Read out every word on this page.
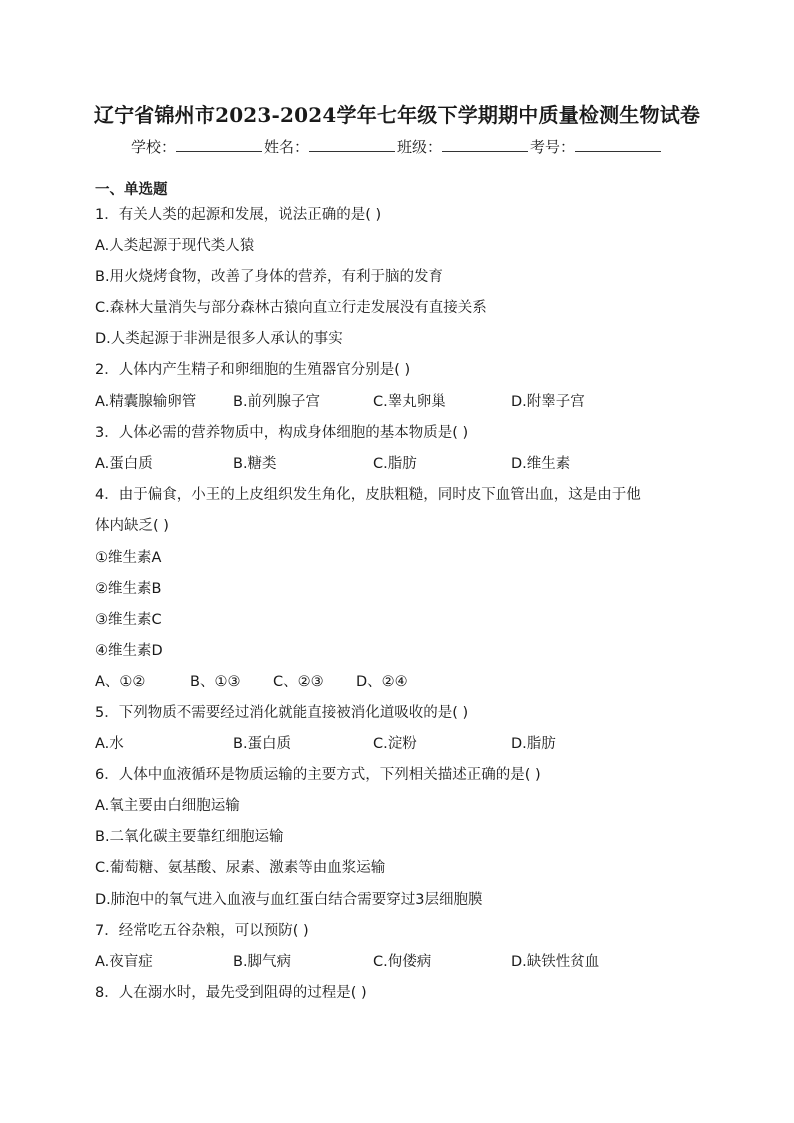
辽宁省锦州市2023-2024学年七年级下学期期中质量检测生物试卷
学校：	姓名：	班级：	考号：
一、单选题
1．有关人类的起源和发展，说法正确的是( )
A.人类起源于现代类人猿
B.用火烧烤食物，改善了身体的营养，有利于脑的发育
C.森林大量消失与部分森林古猿向直立行走发展没有直接关系
D.人类起源于非洲是很多人承认的事实
2．人体内产生精子和卵细胞的生殖器官分别是( )
A.精囊腺输卵管	B.前列腺子宫	C.睾丸卵巢	D.附睾子宫
3．人体必需的营养物质中，构成身体细胞的基本物质是( )
A.蛋白质	B.糖类	C.脂肪	D.维生素
4．由于偏食，小王的上皮组织发生角化，皮肤粗糙，同时皮下血管出血，这是由于他
体内缺乏( )
①维生素A
②维生素B
③维生素C
④维生素D
A、①②	B、①③ C、②③ D、②④
5．下列物质不需要经过消化就能直接被消化道吸收的是( )
A.水	B.蛋白质	C.淀粉	D.脂肪
6．人体中血液循环是物质运输的主要方式，下列相关描述正确的是( )
A.氧主要由白细胞运输
B.二氧化碳主要靠红细胞运输
C.葡萄糖、氨基酸、尿素、激素等由血浆运输
D.肺泡中的氧气进入血液与血红蛋白结合需要穿过3层细胞膜
7．经常吃五谷杂粮，可以预防( )
A.夜盲症	B.脚气病	C.佝偻病	D.缺铁性贫血
8．人在溺水时，最先受到阻碍的过程是( )
